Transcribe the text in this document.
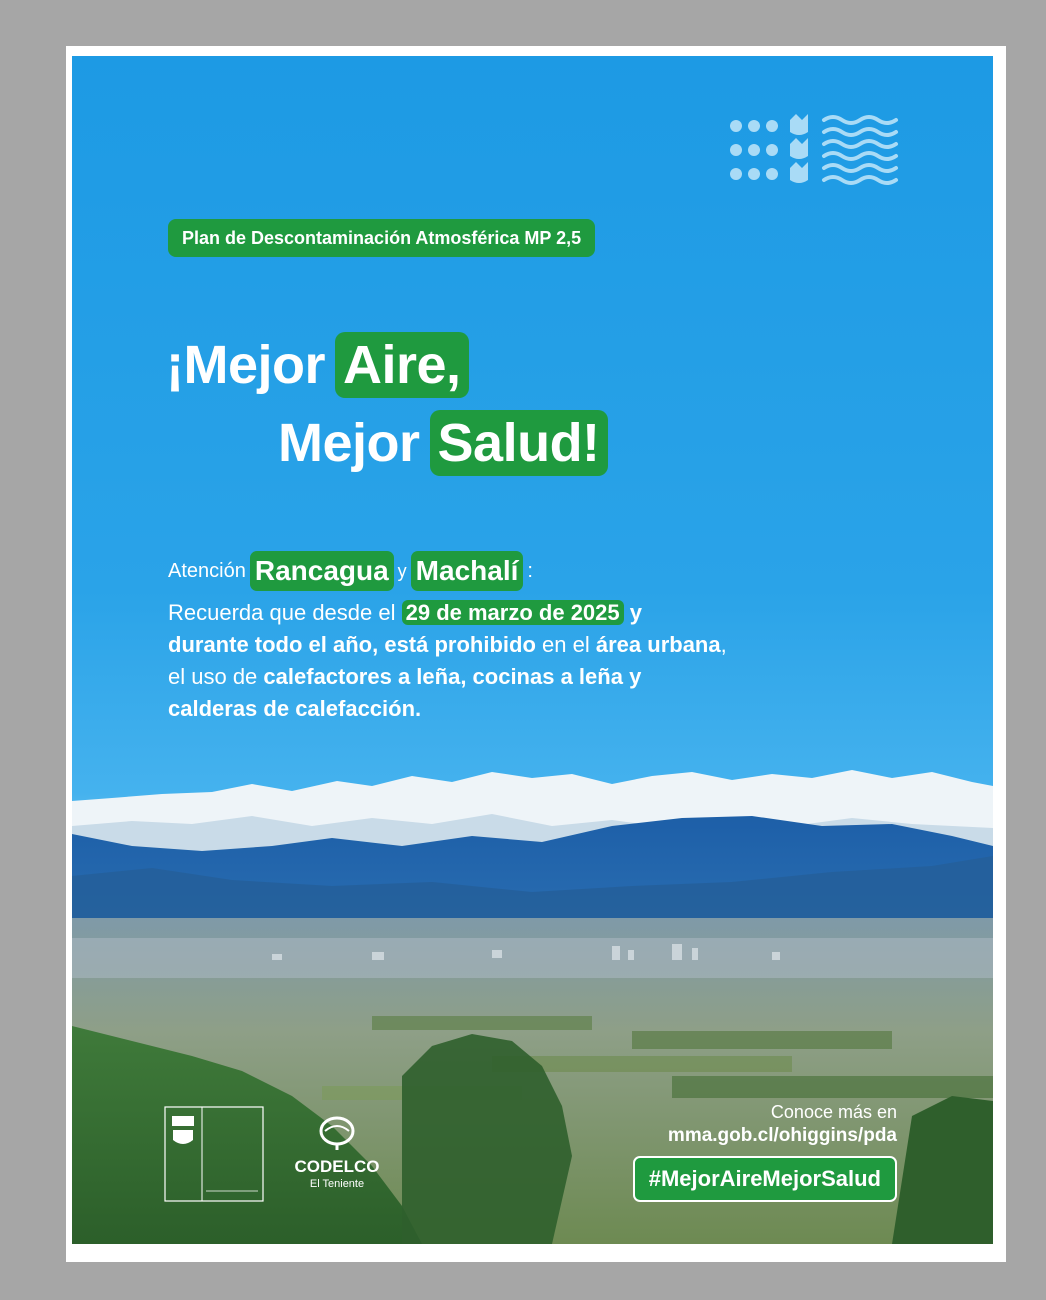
Plan de Descontaminación Atmosférica MP 2,5
¡Mejor Aire,
Mejor Salud!
Atención Rancagua y Machalí :
Recuerda que desde el 29 de marzo de 2025 y durante todo el año, está prohibido en el área urbana, el uso de calefactores a leña, cocinas a leña y calderas de calefacción.
CODELCO
El Teniente
Conoce más en
mma.gob.cl/ohiggins/pda
#MejorAireMejorSalud
